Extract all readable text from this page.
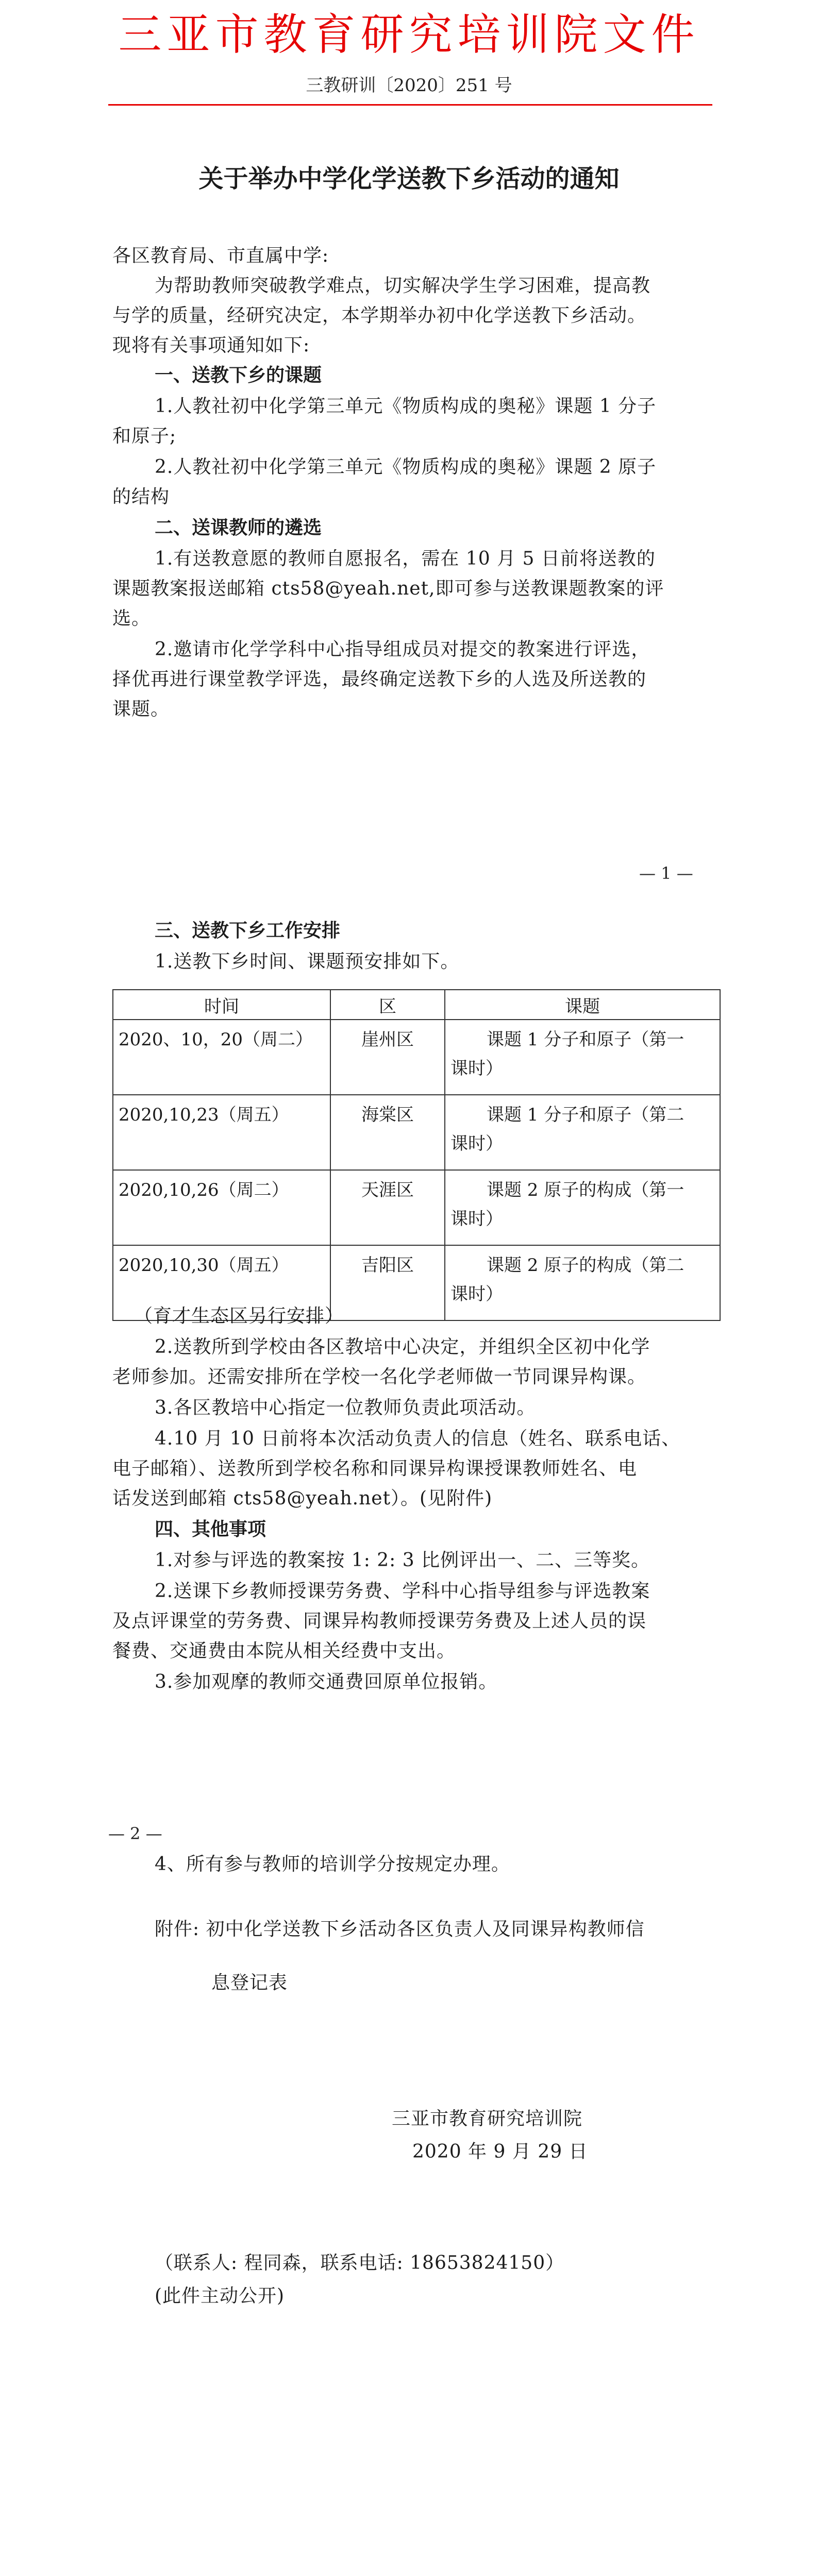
三亚市教育研究培训院文件
三教研训〔2020〕251 号
关于举办中学化学送教下乡活动的通知
各区教育局、市直属中学:
为帮助教师突破教学难点，切实解决学生学习困难，提高教
与学的质量，经研究决定，本学期举办初中化学送教下乡活动。
现将有关事项通知如下:
一、送教下乡的课题
1.人教社初中化学第三单元《物质构成的奥秘》课题 1 分子
和原子;
2.人教社初中化学第三单元《物质构成的奥秘》课题 2 原子
的结构
二、送课教师的遴选
1.有送教意愿的教师自愿报名，需在 10 月 5 日前将送教的
课题教案报送邮箱 cts58@yeah.net,即可参与送教课题教案的评
选。
2.邀请市化学学科中心指导组成员对提交的教案进行评选，
择优再进行课堂教学评选，最终确定送教下乡的人选及所送教的
课题。
— 1 —
三、送教下乡工作安排
1.送教下乡时间、课题预安排如下。
时间	区	课题
2020、10，20（周二）	崖州区	课题 1 分子和原子（第一
课时）

2020,10,23（周五）	海棠区	课题 1 分子和原子（第二
课时）

2020,10,26（周二）	天涯区	课题 2 原子的构成（第一
课时）

2020,10,30（周五）	吉阳区	课题 2 原子的构成（第二
课时）
（育才生态区另行安排）
2.送教所到学校由各区教培中心决定，并组织全区初中化学
老师参加。还需安排所在学校一名化学老师做一节同课异构课。
3.各区教培中心指定一位教师负责此项活动。
4.10 月 10 日前将本次活动负责人的信息（姓名、联系电话、
电子邮箱）、送教所到学校名称和同课异构课授课教师姓名、电
话发送到邮箱 cts58@yeah.net）。(见附件)
四、其他事项
1.对参与评选的教案按 1: 2: 3 比例评出一、二、三等奖。
2.送课下乡教师授课劳务费、学科中心指导组参与评选教案
及点评课堂的劳务费、同课异构教师授课劳务费及上述人员的误
餐费、交通费由本院从相关经费中支出。
3.参加观摩的教师交通费回原单位报销。
— 2 —
4、所有参与教师的培训学分按规定办理。
附件: 初中化学送教下乡活动各区负责人及同课异构教师信
息登记表
三亚市教育研究培训院
2020 年 9 月 29 日
（联系人: 程同森，联系电话: 18653824150）
(此件主动公开)
